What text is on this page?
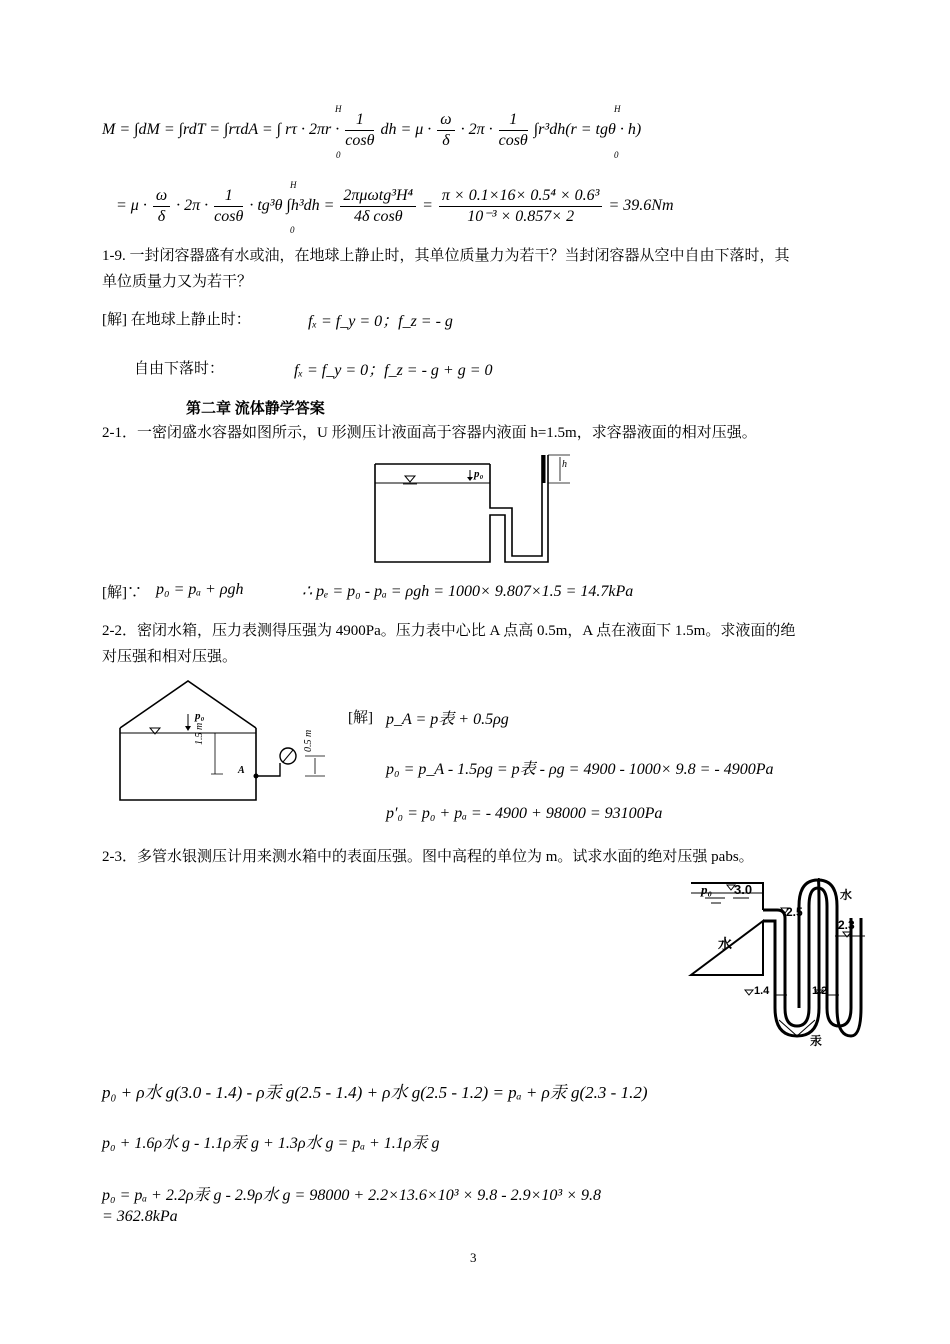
M = ∫dM = ∫rdT = ∫rτdA = ∫ $r\tau \cdot 2\pi r \cdot \frac{1}{\cos\theta}$ dh = $\mu \cdot \frac{\omega}{\delta} \cdot 2\pi \cdot \frac{1}{\cos\theta} \int r^3dh(r = tg\theta \cdot h)$
H
0
H
0
= $\mu \cdot \frac{\omega}{\delta} \cdot 2\pi \cdot \frac{1}{\cos\theta} \cdot tg^3\theta$ $\int h^3dh = \frac{\text{2πμωtg³H⁴}}{\text{4δ cosθ}} = \frac{\text{π × 0.1×16× 0.5⁴ × 0.6³}}{\text{10⁻³ × 0.857× 2}} = 39.6Nm$
H
0
1-9. 一封闭容器盛有水或油，在地球上静止时，其单位质量力为若干？当封闭容器从空中自由下落时，其
单位质量力又为若干？
[解] 在地球上静止时：	fₓ = f_y = 0；f_z = - g
自由下落时：	fₓ = f_y = 0；f_z = - g + g = 0
第二章 流体静学答案
2-1．一密闭盛水容器如图所示，U 形测压计液面高于容器内液面 h=1.5m，求容器液面的相对压强。
p₀
h
[解]∵ p₀ = pₐ + ρgh	∴ pₑ = p₀ - pₐ = ρgh = 1000× 9.807×1.5 = 14.7kPa
2-2．密闭水箱，压力表测得压强为 4900Pa。压力表中心比 A 点高 0.5m，A 点在液面下 1.5m。求液面的绝
对压强和相对压强。
p₀
1.5 m	0.5 m
A
[解] p_A = p表 + 0.5ρg
p₀ = p_A - 1.5ρg = p表 - ρg = 4900 - 1000× 9.8 = - 4900Pa
p′₀ = p₀ + pₐ = - 4900 + 98000 = 93100Pa
2-3．多管水银测压计用来测水箱中的表面压强。图中高程的单位为 m。试求水面的绝对压强 pabs。
p₀ 3.0	水
2.5
2.3
水
1.4	1.2
汞
p₀ + ρ水 g(3.0 - 1.4) - ρ汞 g(2.5 - 1.4) + ρ水 g(2.5 - 1.2) = pₐ + ρ汞 g(2.3 - 1.2)
p₀ + 1.6ρ水 g - 1.1ρ汞 g + 1.3ρ水 g = pₐ + 1.1ρ汞 g
p₀ = pₐ + 2.2ρ汞 g - 2.9ρ水 g = 98000 + 2.2×13.6×10³ × 9.8 - 2.9×10³ × 9.8
= 362.8kPa
3
